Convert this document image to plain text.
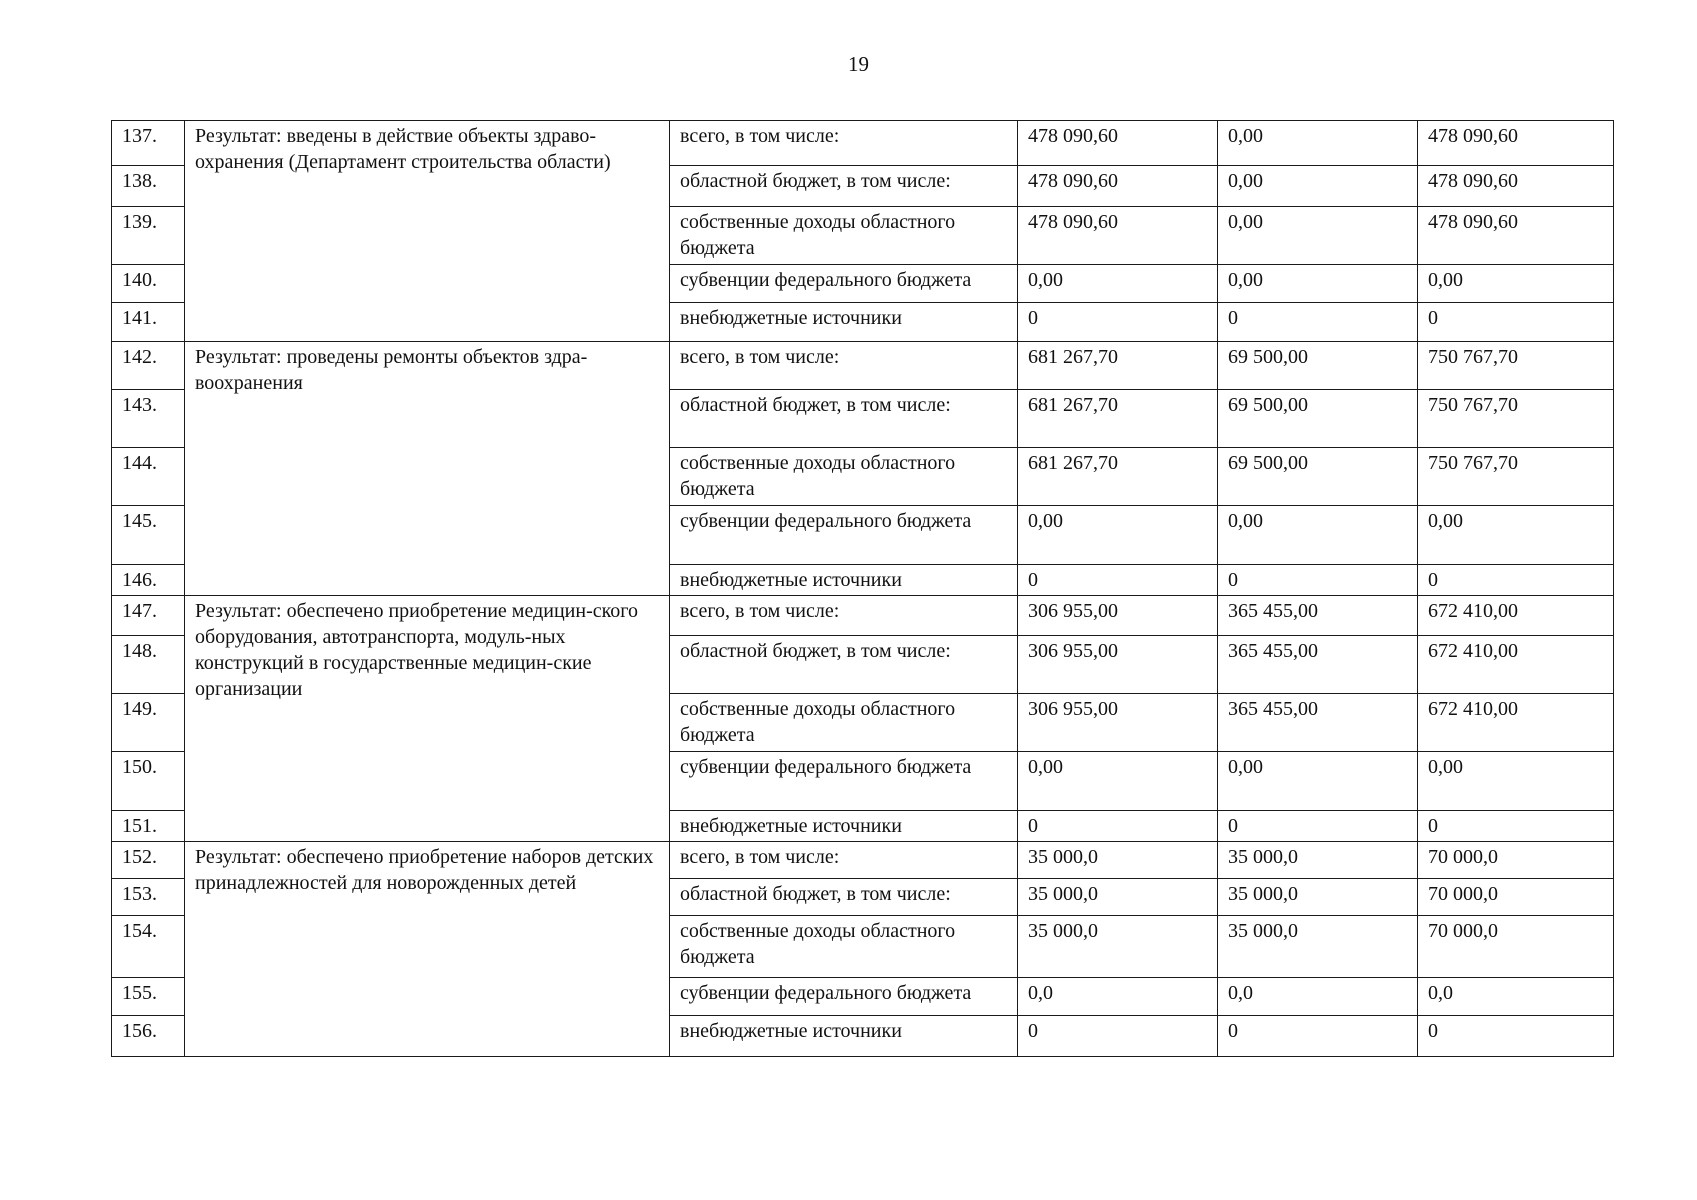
19
137.	Результат: введены в действие объекты здраво-охранения (Департамент строительства области)	всего, в том числе:	478 090,60	0,00	478 090,60
138.		областной бюджет, в том числе:	478 090,60	0,00	478 090,60
139.		собственные доходы областного бюджета	478 090,60	0,00	478 090,60
140.		субвенции федерального бюджета	0,00	0,00	0,00
141.		внебюджетные источники	0	0	0
142.	Результат: проведены ремонты объектов здра-воохранения	всего, в том числе:	681 267,70	69 500,00	750 767,70
143.		областной бюджет, в том числе:	681 267,70	69 500,00	750 767,70
144.		собственные доходы областного бюджета	681 267,70	69 500,00	750 767,70
145.		субвенции федерального бюджета	0,00	0,00	0,00
146.		внебюджетные источники	0	0	0
147.	Результат: обеспечено приобретение медицин-ского оборудования, автотранспорта, модуль-ных конструкций в государственные медицин-ские организации	всего, в том числе:	306 955,00	365 455,00	672 410,00
148.		областной бюджет, в том числе:	306 955,00	365 455,00	672 410,00
149.		собственные доходы областного бюджета	306 955,00	365 455,00	672 410,00
150.		субвенции федерального бюджета	0,00	0,00	0,00
151.		внебюджетные источники	0	0	0
152.	Результат: обеспечено приобретение наборов детских принадлежностей для новорожденных детей	всего, в том числе:	35 000,0	35 000,0	70 000,0
153.		областной бюджет, в том числе:	35 000,0	35 000,0	70 000,0
154.		собственные доходы областного бюджета	35 000,0	35 000,0	70 000,0
155.		субвенции федерального бюджета	0,0	0,0	0,0
156.		внебюджетные источники	0	0	0
